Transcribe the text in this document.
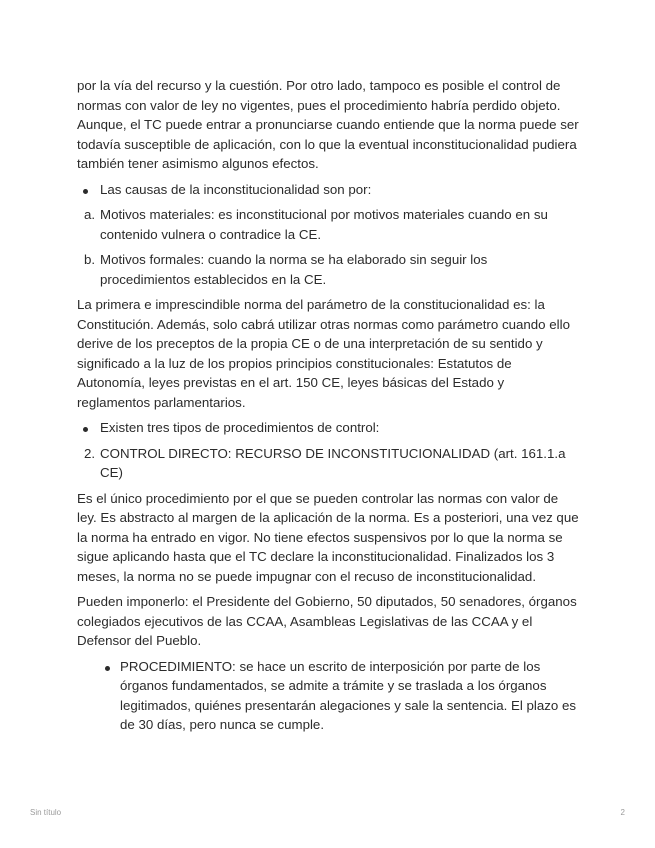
por la vía del recurso y la cuestión. Por otro lado, tampoco es posible el control de normas con valor de ley no vigentes, pues el procedimiento habría perdido objeto. Aunque, el TC puede entrar a pronunciarse cuando entiende que la norma puede ser todavía susceptible de aplicación, con lo que la eventual inconstitucionalidad pudiera también tener asimismo algunos efectos.

Las causas de la inconstitucionalidad son por:
a. Motivos materiales: es inconstitucional por motivos materiales cuando en su contenido vulnera o contradice la CE.
b. Motivos formales: cuando la norma se ha elaborado sin seguir los procedimientos establecidos en la CE.

La primera e imprescindible norma del parámetro de la constitucionalidad es: la Constitución. Además, solo cabrá utilizar otras normas como parámetro cuando ello derive de los preceptos de la propia CE o de una interpretación de su sentido y significado a la luz de los propios principios constitucionales: Estatutos de Autonomía, leyes previstas en el art. 150 CE, leyes básicas del Estado y reglamentos parlamentarios.

Existen tres tipos de procedimientos de control:
2. CONTROL DIRECTO: RECURSO DE INCONSTITUCIONALIDAD (art. 161.1.a CE)

Es el único procedimiento por el que se pueden controlar las normas con valor de ley. Es abstracto al margen de la aplicación de la norma. Es a posteriori, una vez que la norma ha entrado en vigor. No tiene efectos suspensivos por lo que la norma se sigue aplicando hasta que el TC declare la inconstitucionalidad. Finalizados los 3 meses, la norma no se puede impugnar con el recuso de inconstitucionalidad.

Pueden imponerlo: el Presidente del Gobierno, 50 diputados, 50 senadores, órganos colegiados ejecutivos de las CCAA, Asambleas Legislativas de las CCAA y el Defensor del Pueblo.

PROCEDIMIENTO: se hace un escrito de interposición por parte de los órganos fundamentados, se admite a trámite y se traslada a los órganos legitimados, quiénes presentarán alegaciones y sale la sentencia. El plazo es de 30 días, pero nunca se cumple.
Sin título	2
